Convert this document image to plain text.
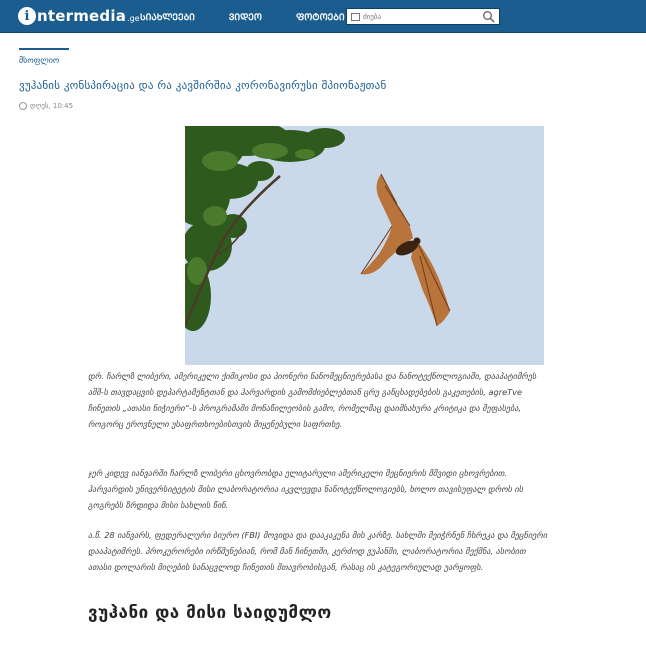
i ntermedia .ge ᲡᲘᲐᲮᲚᲔᲔᲑᲘ	ᲕᲘᲓᲔᲝ	ᲤᲝᲢᲝᲔᲑᲘ
ძიება
მსოფლიო
ვუჰანის კონსპირაცია და რა კავშირშია კორონავირუსი შპიონაჟთან
დღეს, 10:45

დრ. ჩარლზ ლიბერი, ამერიკელი ქიმიკოსი და პიონერი ნანომეცნიერებასა და ნანოტექნოლოგიაში, დააპატიმრეს აშშ-ს თავდაცვის დეპარტამენტთან და ჰარვარდის გამომძიებლებთან ცრუ განცხადებების გაკეთების, agreTve ჩინეთის „ათასი ნიჭიერი“-ს პროგრამაში მონაწილეობის გამო, რომელმაც დაიმსახურა კრიტიკა და შეფასება, როგორც ეროვნული უსაფრთხოებისთვის მიყენებული საფრთხე.

ჯერ კიდევ იანვარში ჩარლზ ლიბერი ცხოვრობდა ელიტარული ამერიკელი მეცნიერის მშვიდი ცხოვრებით. ჰარვარდის უნივერსიტეტის მისი ლაბორატორია იკვლევდა ნანოტექნოლოგიებს, ხოლო თავისუფალ დროს ის გოგრებს ზრდიდა მისი სახლის წინ.

ა.წ. 28 იანვარს, ფედერალური ბიურო (FBI) მოვიდა და დააკაკუნა მის კარზე. სახლში შეიჭრნენ ჩხრეკა და მეცნიერი დააპატიმრეს. პროკურორები ირწმუნებიან, რომ მან ჩინეთში, კერძოდ ვუჰანში, ლაბორატორია შექმნა, ასობით ათასი დოლარის მიღების სანაცვლოდ ჩინეთის მთავრობისგან, რასაც ის კატეგორიულად უარყოფს.

ვუჰანი და მისი საიდუმლო
